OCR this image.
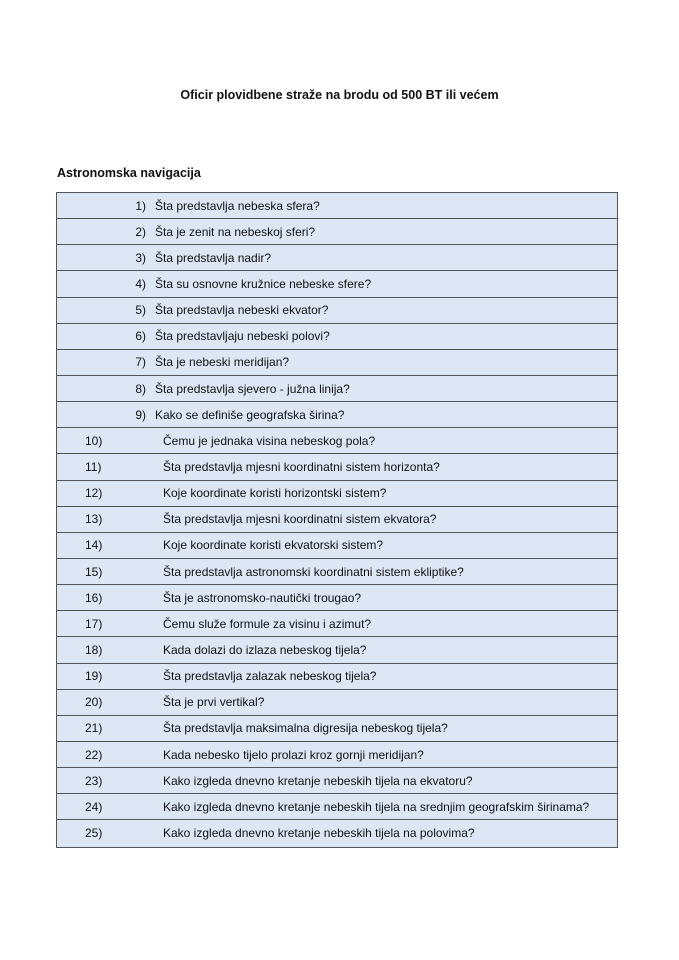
Oficir plovidbene straže na brodu od 500 BT ili većem
Astronomska navigacija
1) Šta predstavlja nebeska sfera?
2) Šta je zenit na nebeskoj sferi?
3) Šta predstavlja nadir?
4) Šta su osnovne kružnice nebeske sfere?
5) Šta predstavlja nebeski ekvator?
6) Šta predstavljaju nebeski polovi?
7) Šta je nebeski meridijan?
8) Šta predstavlja sjevero - južna linija?
9) Kako se definiše geografska širina?
10)	Čemu je jednaka visina nebeskog pola?
11)	Šta predstavlja mjesni koordinatni sistem horizonta?
12)	Koje koordinate koristi horizontski sistem?
13)	Šta predstavlja mjesni koordinatni sistem ekvatora?
14)	Koje koordinate koristi ekvatorski sistem?
15)	Šta predstavlja astronomski koordinatni sistem ekliptike?
16)	Šta je astronomsko-nautički trougao?
17)	Čemu služe formule za visinu i azimut?
18)	Kada dolazi do izlaza nebeskog tijela?
19)	Šta predstavlja zalazak nebeskog tijela?
20)	Šta je prvi vertikal?
21)	Šta predstavlja maksimalna digresija nebeskog tijela?
22)	Kada nebesko tijelo prolazi kroz gornji meridijan?
23)	Kako izgleda dnevno kretanje nebeskih tijela na ekvatoru?
24)	Kako izgleda dnevno kretanje nebeskih tijela na srednjim geografskim širinama?
25)	Kako izgleda dnevno kretanje nebeskih tijela na polovima?
